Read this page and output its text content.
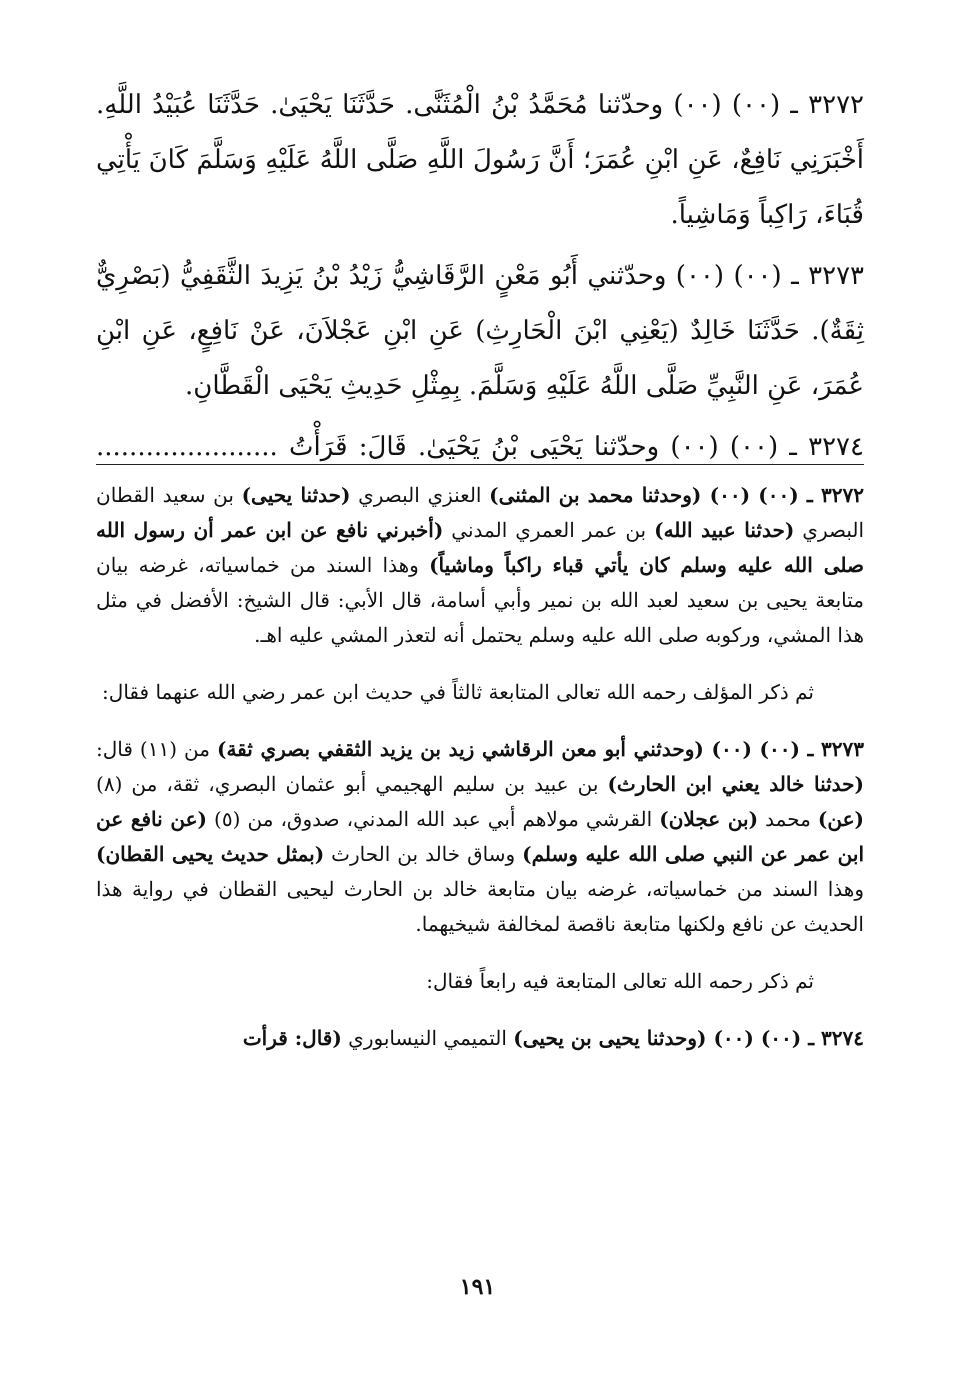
٣٢٧٢ ـ (٠٠) (٠٠) وحدّثنا مُحَمَّدُ بْنُ الْمُثَنَّى. حَدَّثَنَا يَحْيَىٰ. حَدَّثَنَا عُبَيْدُ اللَّهِ. أَخْبَرَنِي نَافِعٌ، عَنِ ابْنِ عُمَرَ؛ أَنَّ رَسُولَ اللَّهِ صَلَّى اللَّهُ عَلَيْهِ وَسَلَّمَ كَانَ يَأْتِي قُبَاءَ، رَاكِباً وَمَاشِياً.

٣٢٧٣ ـ (٠٠) (٠٠) وحدّثني أَبُو مَعْنٍ الرَّقَاشِيُّ زَيْدُ بْنُ يَزِيدَ الثَّقَفِيُّ (بَصْرِيٌّ ثِقَةٌ). حَدَّثَنَا خَالِدٌ (يَعْنِي ابْنَ الْحَارِثِ) عَنِ ابْنِ عَجْلاَنَ، عَنْ نَافِعٍ، عَنِ ابْنِ عُمَرَ، عَنِ النَّبِيِّ صَلَّى اللَّهُ عَلَيْهِ وَسَلَّمَ. بِمِثْلِ حَدِيثِ يَحْيَى الْقَطَّانِ.

٣٢٧٤ ـ (٠٠) (٠٠) وحدّثنا يَحْيَى بْنُ يَحْيَىٰ. قَالَ: قَرَأْتُ ......................

٣٢٧٢ ـ (٠٠) (٠٠) (وحدثنا محمد بن المثنى) العنزي البصري (حدثنا يحيى) بن سعيد القطان البصري (حدثنا عبيد الله) بن عمر العمري المدني (أخبرني نافع عن ابن عمر أن رسول الله صلى الله عليه وسلم كان يأتي قباء راكباً وماشياً) وهذا السند من خماسياته، غرضه بيان متابعة يحيى بن سعيد لعبد الله بن نمير وأبي أسامة، قال الأبي: قال الشيخ: الأفضل في مثل هذا المشي، وركوبه صلى الله عليه وسلم يحتمل أنه لتعذر المشي عليه اهـ.

ثم ذكر المؤلف رحمه الله تعالى المتابعة ثالثاً في حديث ابن عمر رضي الله عنهما فقال:

٣٢٧٣ ـ (٠٠) (٠٠) (وحدثني أبو معن الرقاشي زيد بن يزيد الثقفي بصري ثقة) من (١١) قال: (حدثنا خالد يعني ابن الحارث) بن عبيد بن سليم الهجيمي أبو عثمان البصري، ثقة، من (٨) (عن) محمد (بن عجلان) القرشي مولاهم أبي عبد الله المدني، صدوق، من (٥) (عن نافع عن ابن عمر عن النبي صلى الله عليه وسلم) وساق خالد بن الحارث (بمثل حديث يحيى القطان) وهذا السند من خماسياته، غرضه بيان متابعة خالد بن الحارث ليحيى القطان في رواية هذا الحديث عن نافع ولكنها متابعة ناقصة لمخالفة شيخيهما.

ثم ذكر رحمه الله تعالى المتابعة فيه رابعاً فقال:

٣٢٧٤ ـ (٠٠) (٠٠) (وحدثنا يحيى بن يحيى) التميمي النيسابوري (قال: قرأت

١٩١
